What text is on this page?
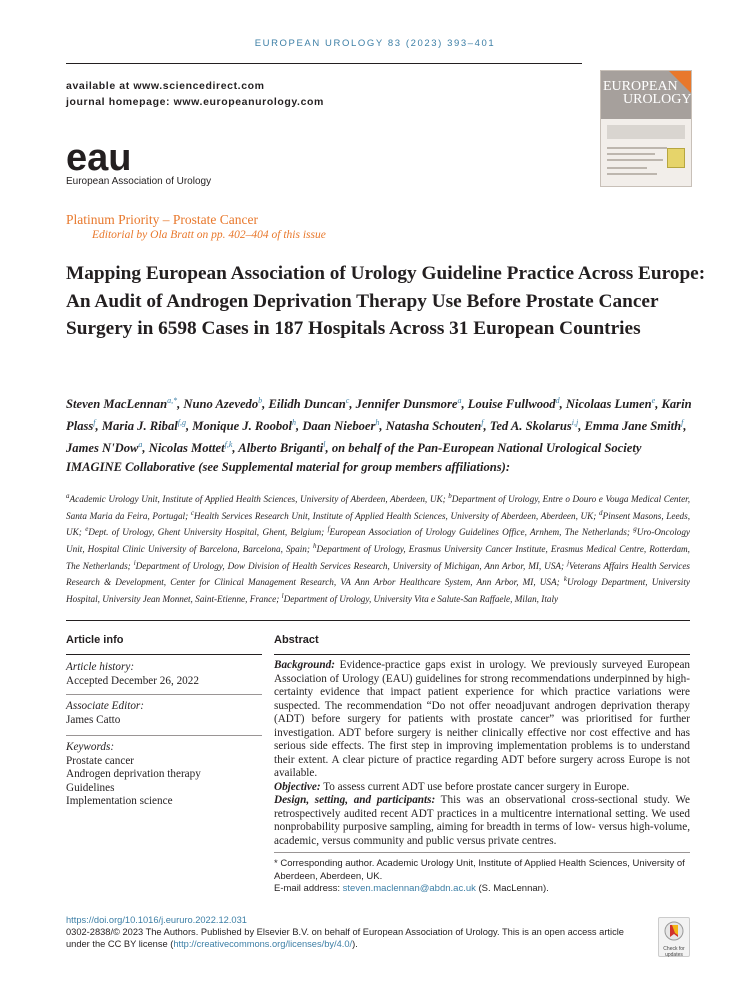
EUROPEAN UROLOGY 83 (2023) 393–401
available at www.sciencedirect.com
journal homepage: www.europeanurology.com
EUROPEAN
UROLOGY
eau
European Association of Urology
Platinum Priority – Prostate Cancer
Editorial by Ola Bratt on pp. 402–404 of this issue
Mapping European Association of Urology Guideline Practice Across Europe: An Audit of Androgen Deprivation Therapy Use Before Prostate Cancer Surgery in 6598 Cases in 187 Hospitals Across 31 European Countries
Steven MacLennan$^{a,*}$, Nuno Azevedo$^b$, Eilidh Duncan$^c$, Jennifer Dunsmore$^a$, Louise Fullwood$^d$, Nicolaas Lumen$^e$, Karin Plass$^f$, Maria J. Ribal$^{f,g}$, Monique J. Roobol$^h$, Daan Nieboer$^h$, Natasha Schouten$^f$, Ted A. Skolarus$^{i,j}$, Emma Jane Smith$^f$, James N'Dow$^a$, Nicolas Mottet$^{f,k}$, Alberto Briganti$^l$, on behalf of the Pan-European National Urological Society IMAGINE Collaborative (see Supplemental material for group members affiliations):
$^a$Academic Urology Unit, Institute of Applied Health Sciences, University of Aberdeen, Aberdeen, UK; $^b$Department of Urology, Entre o Douro e Vouga Medical Center, Santa Maria da Feira, Portugal; $^c$Health Services Research Unit, Institute of Applied Health Sciences, University of Aberdeen, Aberdeen, UK; $^d$Pinsent Masons, Leeds, UK; $^e$Dept. of Urology, Ghent University Hospital, Ghent, Belgium; $^f$European Association of Urology Guidelines Office, Arnhem, The Netherlands; $^g$Uro-Oncology Unit, Hospital Clinic University of Barcelona, Barcelona, Spain; $^h$Department of Urology, Erasmus University Cancer Institute, Erasmus Medical Centre, Rotterdam, The Netherlands; $^i$Department of Urology, Dow Division of Health Services Research, University of Michigan, Ann Arbor, MI, USA; $^j$Veterans Affairs Health Services Research & Development, Center for Clinical Management Research, VA Ann Arbor Healthcare System, Ann Arbor, MI, USA; $^k$Urology Department, University Hospital, University Jean Monnet, Saint-Etienne, France; $^l$Department of Urology, University Vita e Salute-San Raffaele, Milan, Italy
Article info	Abstract
Article history:
Accepted December 26, 2022
Associate Editor:
James Catto
Keywords:
Prostate cancer
Androgen deprivation therapy
Guidelines
Implementation science

Background: Evidence-practice gaps exist in urology. We previously surveyed European Association of Urology (EAU) guidelines for strong recommendations underpinned by high-certainty evidence that impact patient experience for which practice variations were suspected. The recommendation “Do not offer neoadjuvant androgen deprivation therapy (ADT) before surgery for patients with prostate cancer” was prioritised for further investigation. ADT before surgery is neither clinically effective nor cost effective and has serious side effects. The first step in improving implementation problems is to understand their extent. A clear picture of practice regarding ADT before surgery across Europe is not available.

Objective: To assess current ADT use before prostate cancer surgery in Europe.

Design, setting, and participants: This was an observational cross-sectional study. We retrospectively audited recent ADT practices in a multicentre international setting. We used nonprobability purposive sampling, aiming for breadth in terms of low- versus high-volume, academic, versus community and public versus private centres.

* Corresponding author. Academic Urology Unit, Institute of Applied Health Sciences, University of Aberdeen, Aberdeen, UK.
E-mail address: steven.maclennan@abdn.ac.uk (S. MacLennan).
https://doi.org/10.1016/j.eururo.2022.12.031
0302-2838/© 2023 The Authors. Published by Elsevier B.V. on behalf of European Association of Urology. This is an open access article under the CC BY license (http://creativecommons.org/licenses/by/4.0/).
Check for
updates
